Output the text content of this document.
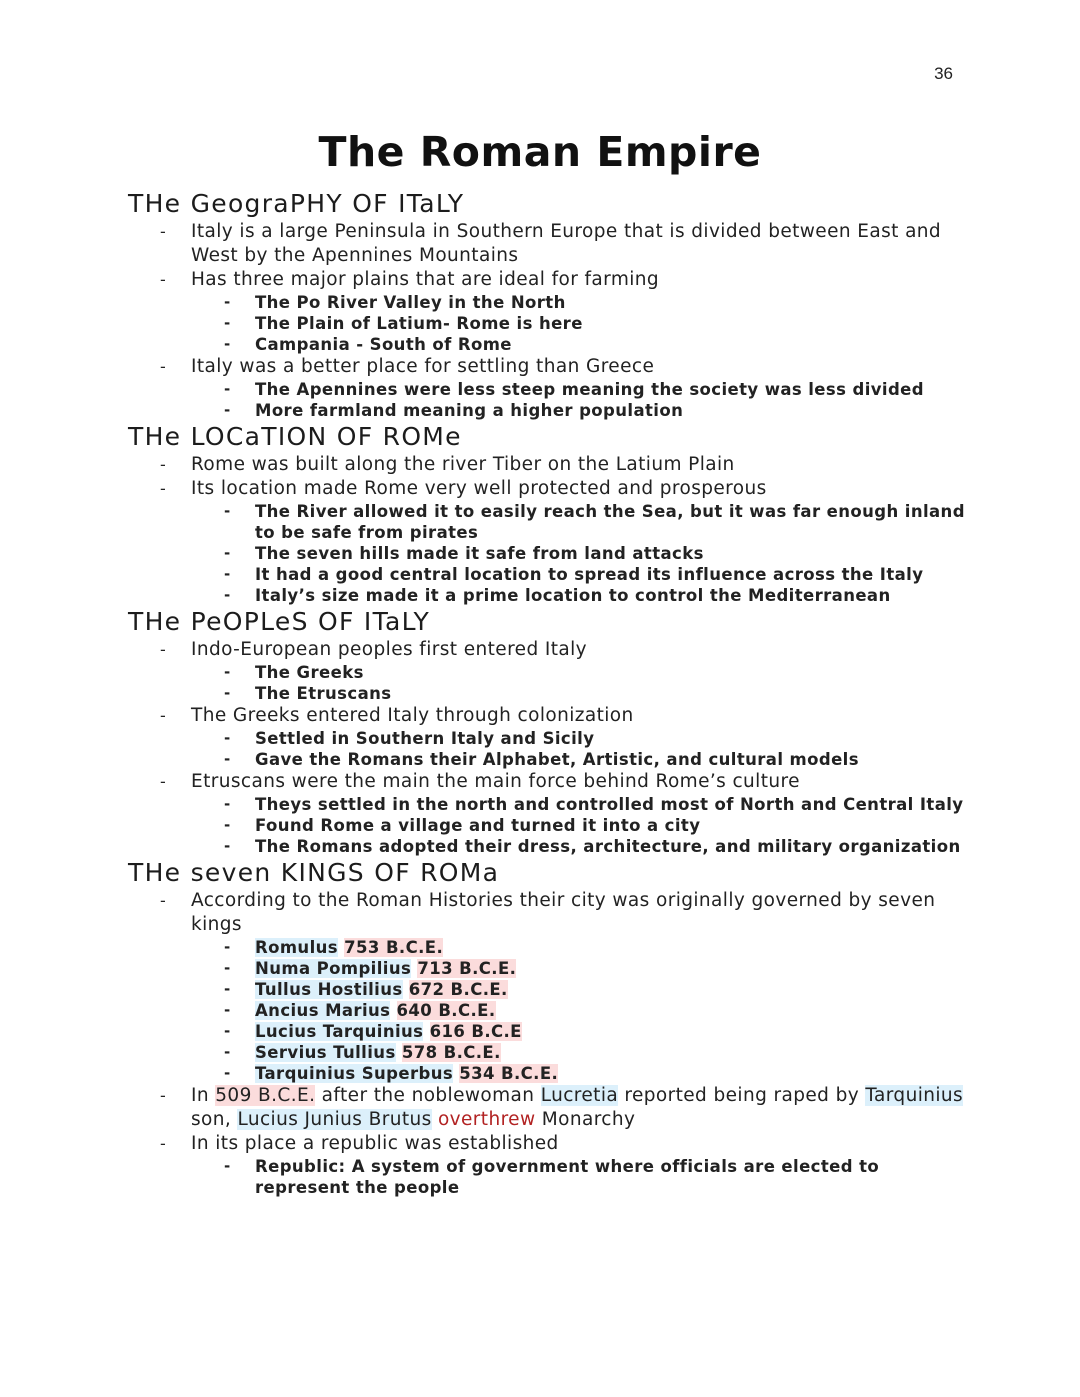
36
The Roman Empire
THe GeograPHY OF ITaLY
- Italy is a large Peninsula in Southern Europe that is divided between East and West by the Apennines Mountains
- Has three major plains that are ideal for farming
- The Po River Valley in the North
- The Plain of Latium- Rome is here
- Campania - South of Rome
- Italy was a better place for settling than Greece
- The Apennines were less steep meaning the society was less divided
- More farmland meaning a higher population
THe LOCaTION OF ROMe
- Rome was built along the river Tiber on the Latium Plain
- Its location made Rome very well protected and prosperous
- The River allowed it to easily reach the Sea, but it was far enough inland to be safe from pirates
- The seven hills made it safe from land attacks
- It had a good central location to spread its influence across the Italy
- Italy’s size made it a prime location to control the Mediterranean
THe PeOPLeS OF ITaLY
- Indo-European peoples first entered Italy
- The Greeks
- The Etruscans
- The Greeks entered Italy through colonization
- Settled in Southern Italy and Sicily
- Gave the Romans their Alphabet, Artistic, and cultural models
- Etruscans were the main the main force behind Rome’s culture
- Theys settled in the north and controlled most of North and Central Italy
- Found Rome a village and turned it into a city
- The Romans adopted their dress, architecture, and military organization
THe seven KINGS OF ROMa
- According to the Roman Histories their city was originally governed by seven kings
- Romulus 753 B.C.E.
- Numa Pompilius 713 B.C.E.
- Tullus Hostilius 672 B.C.E.
- Ancius Marius 640 B.C.E.
- Lucius Tarquinius 616 B.C.E
- Servius Tullius 578 B.C.E.
- Tarquinius Superbus 534 B.C.E.
- In 509 B.C.E. after the noblewoman Lucretia reported being raped by Tarquinius son, Lucius Junius Brutus overthrew Monarchy
- In its place a republic was established
- Republic: A system of government where officials are elected to represent the people
